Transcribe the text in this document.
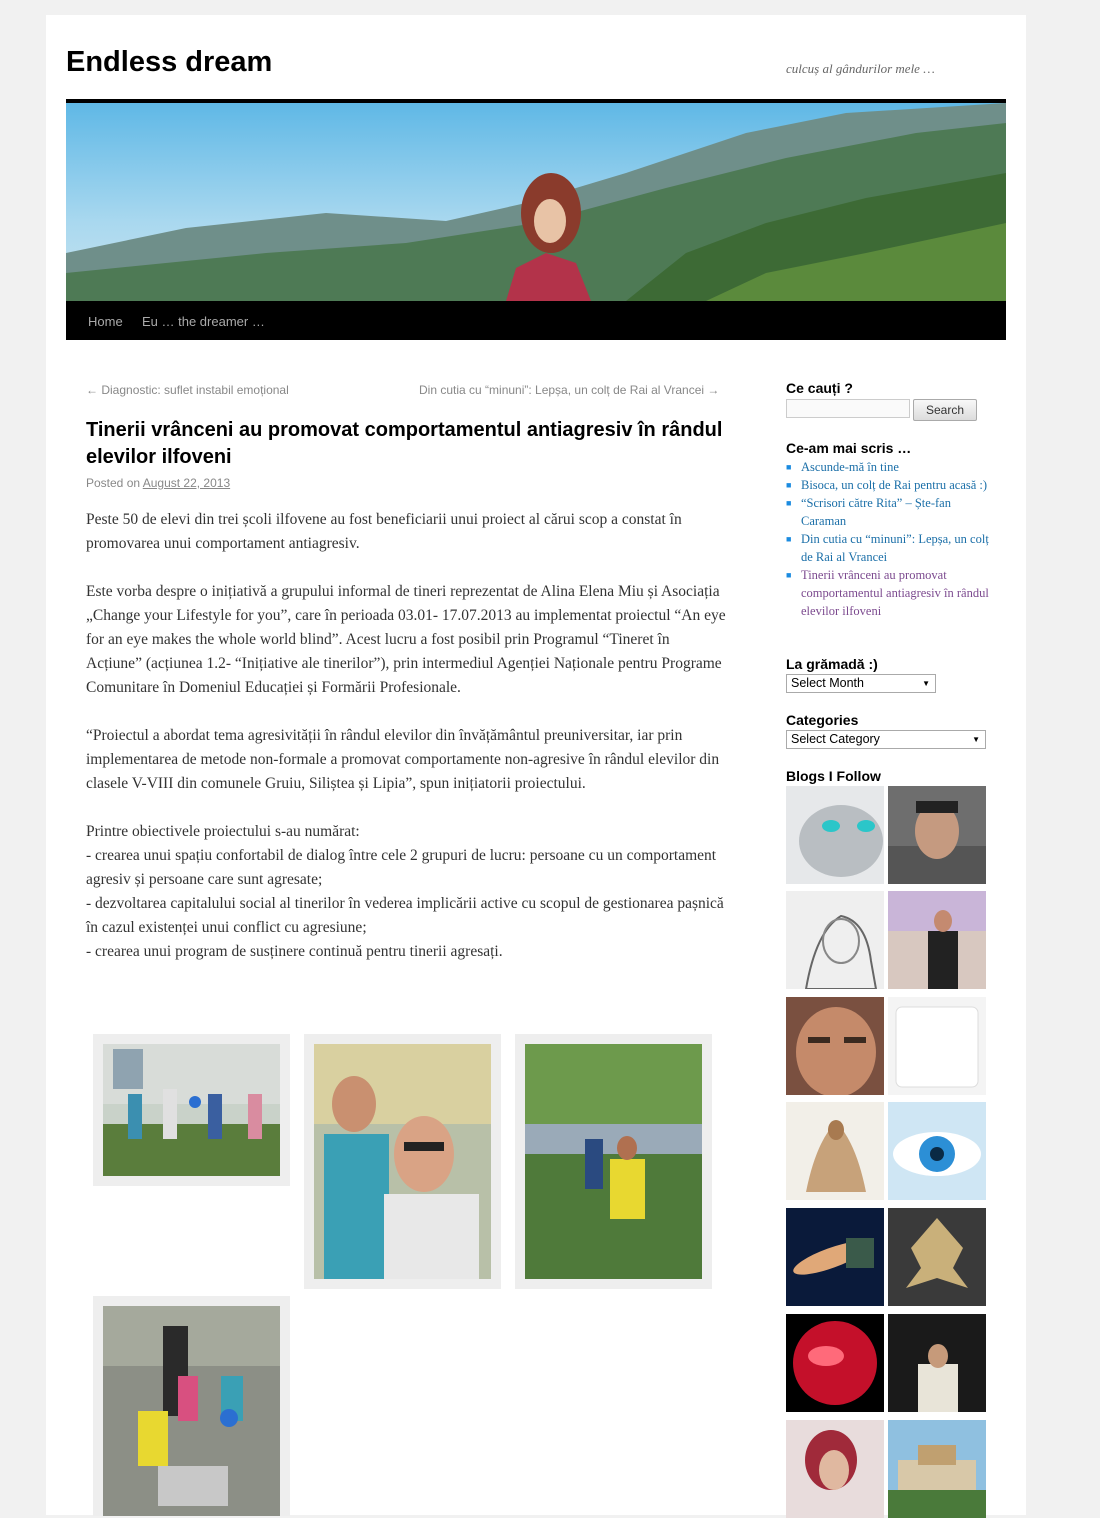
Endless dream	culcuș al gândurilor mele …
Home Eu … the dreamer …
← Diagnostic: suflet instabil emoțional	Din cutia cu “minuni”: Lepșa, un colț de Rai al Vrancei →
Tinerii vrânceni au promovat comportamentul antiagresiv în rândul elevilor ilfoveni
Posted on August 22, 2013

Peste 50 de elevi din trei școli ilfovene au fost beneficiarii unui proiect al cărui scop a constat în promovarea unui comportament antiagresiv.

Este vorba despre o inițiativă a grupului informal de tineri reprezentat de Alina Elena Miu și Asociația „Change your Lifestyle for you”, care în perioada 03.01- 17.07.2013 au implementat proiectul “An eye for an eye makes the whole world blind”. Acest lucru a fost posibil prin Programul “Tineret în Acțiune” (acțiunea 1.2- “Inițiative ale tinerilor”), prin intermediul Agenției Naționale pentru Programe Comunitare în Domeniul Educației și Formării Profesionale.

“Proiectul a abordat tema agresivității în rândul elevilor din învățământul preuniversitar, iar prin implementarea de metode non-formale a promovat comportamente non-agresive în rândul elevilor din clasele V-VIII din comunele Gruiu, Siliștea și Lipia”, spun inițiatorii proiectului.

Printre obiectivele proiectului s-au numărat:
- crearea unui spațiu confortabil de dialog între cele 2 grupuri de lucru: persoane cu un comportament agresiv și persoane care sunt agresate;
- dezvoltarea capitalului social al tinerilor în vederea implicării active cu scopul de gestionarea pașnică în cazul existenței unui conflict cu agresiune;
- crearea unui program de susținere continuă pentru tinerii agresați.
Ce cauți ?
Search
Ce-am mai scris …
■ Ascunde-mă în tine
■ Bisoca, un colț de Rai pentru acasă :)
■ “Scrisori către Rita” – Ște-fan Caraman
■ Din cutia cu “minuni”: Lepșa, un colț de Rai al Vrancei
■ Tinerii vrânceni au promovat comportamentul antiagresiv în rândul elevilor ilfoveni
La grămadă :)
Select Month	▼
Categories
Select Category	▼
Blogs I Follow
